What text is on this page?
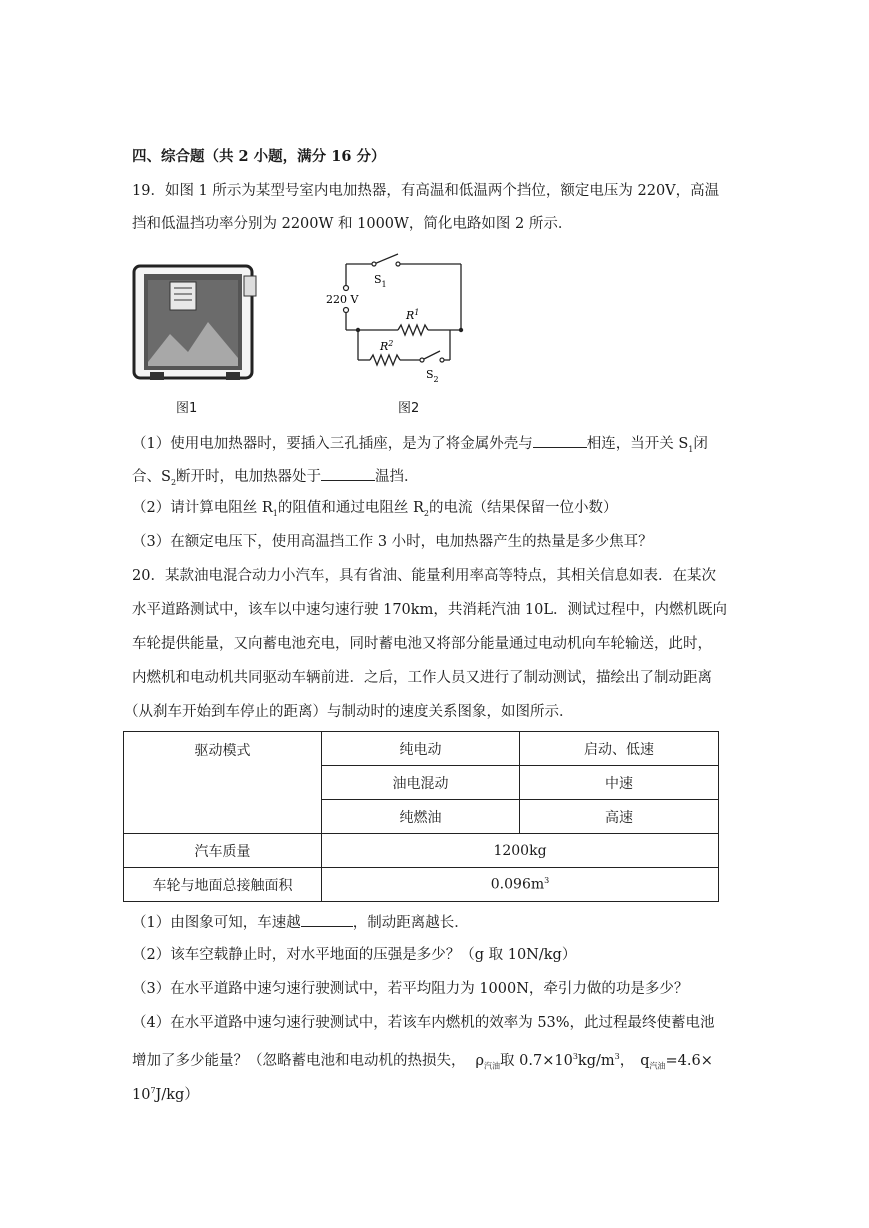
四、综合题（共 2 小题，满分 16 分）
19．如图 1 所示为某型号室内电加热器，有高温和低温两个挡位，额定电压为 220V，高温
挡和低温挡功率分别为 2200W 和 1000W，简化电路如图 2 所示．
图1
220 V
$S_1$
$R^1$
$R^2$
$S_2$
图2
（1）使用电加热器时，要插入三孔插座，是为了将金属外壳与	相连，当开关 $S_1$闭
合、$S_2$断开时，电加热器处于	温挡．
（2）请计算电阻丝 $R_1$的阻值和通过电阻丝 $R_2$的电流（结果保留一位小数）
（3）在额定电压下，使用高温挡工作 3 小时，电加热器产生的热量是多少焦耳？
20．某款油电混合动力小汽车，具有省油、能量利用率高等特点，其相关信息如表．在某次
水平道路测试中，该车以中速匀速行驶 170km，共消耗汽油 10L．测试过程中，内燃机既向
车轮提供能量，又向蓄电池充电，同时蓄电池又将部分能量通过电动机向车轮输送，此时，
内燃机和电动机共同驱动车辆前进．之后，工作人员又进行了制动测试，描绘出了制动距离
（从刹车开始到车停止的距离）与制动时的速度关系图象，如图所示．
驱动模式	纯电动	启动、低速
	油电混动	中速
	纯燃油	高速
汽车质量	1200kg	
车轮与地面总接触面积	$0.096m^3$
（1）由图象可知，车速越	，制动距离越长．
（2）该车空载静止时，对水平地面的压强是多少？（g 取 10N/kg）
（3）在水平道路中速匀速行驶测试中，若平均阻力为 1000N，牵引力做的功是多少？
（4）在水平道路中速匀速行驶测试中，若该车内燃机的效率为 53%，此过程最终使蓄电池
增加了多少能量？（忽略蓄电池和电动机的热损失， $\rho_{汽油}$取 $0.7\times 10^3kg/m^3$， $q_{汽油}=4.6\times$
$10^7J/kg$）
